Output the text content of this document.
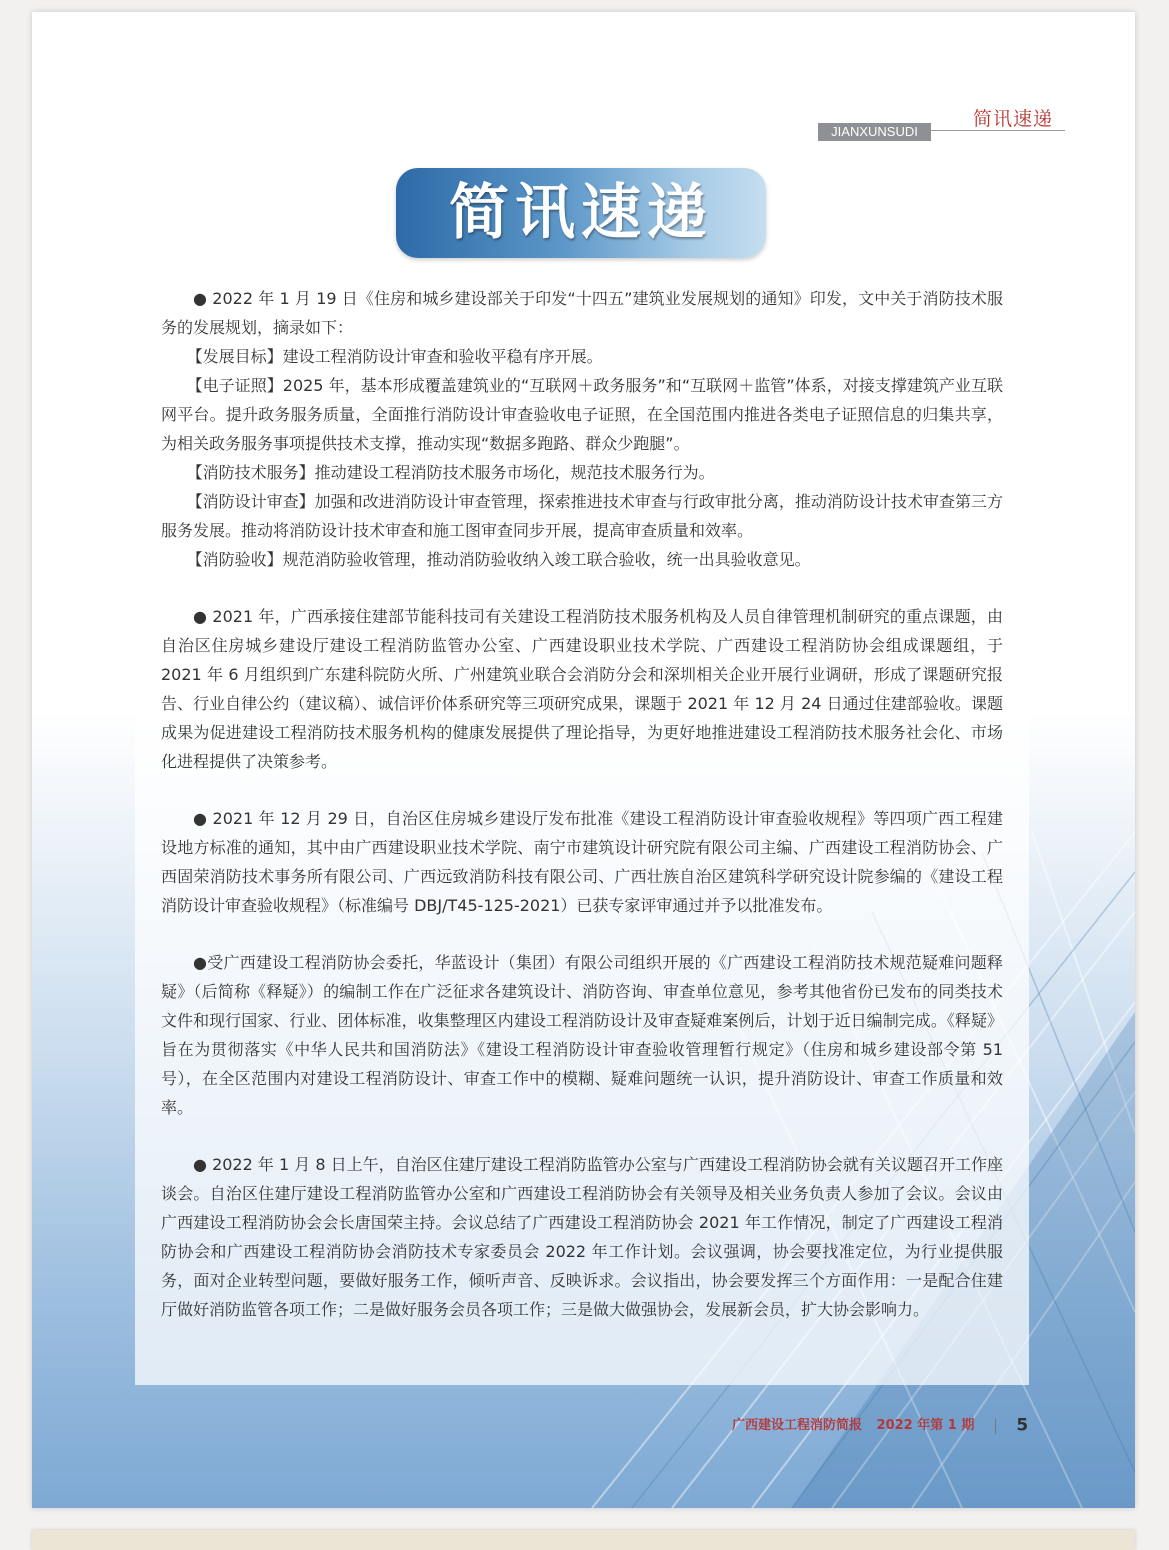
JIANXUNSUDI
简讯速递
简讯速递

● 2022 年 1 月 19 日《住房和城乡建设部关于印发“十四五”建筑业发展规划的通知》印发，文中关于消防技术服务的发展规划，摘录如下：

【发展目标】建设工程消防设计审查和验收平稳有序开展。

【电子证照】2025 年，基本形成覆盖建筑业的“互联网＋政务服务”和“互联网＋监管”体系，对接支撑建筑产业互联网平台。提升政务服务质量，全面推行消防设计审查验收电子证照，在全国范围内推进各类电子证照信息的归集共享，为相关政务服务事项提供技术支撑，推动实现“数据多跑路、群众少跑腿”。

【消防技术服务】推动建设工程消防技术服务市场化，规范技术服务行为。

【消防设计审查】加强和改进消防设计审查管理，探索推进技术审查与行政审批分离，推动消防设计技术审查第三方服务发展。推动将消防设计技术审查和施工图审查同步开展，提高审查质量和效率。

【消防验收】规范消防验收管理，推动消防验收纳入竣工联合验收，统一出具验收意见。

● 2021 年，广西承接住建部节能科技司有关建设工程消防技术服务机构及人员自律管理机制研究的重点课题，由自治区住房城乡建设厅建设工程消防监管办公室、广西建设职业技术学院、广西建设工程消防协会组成课题组，于 2021 年 6 月组织到广东建科院防火所、广州建筑业联合会消防分会和深圳相关企业开展行业调研，形成了课题研究报告、行业自律公约（建议稿）、诚信评价体系研究等三项研究成果，课题于 2021 年 12 月 24 日通过住建部验收。课题成果为促进建设工程消防技术服务机构的健康发展提供了理论指导，为更好地推进建设工程消防技术服务社会化、市场化进程提供了决策参考。

● 2021 年 12 月 29 日，自治区住房城乡建设厅发布批准《建设工程消防设计审查验收规程》等四项广西工程建设地方标准的通知，其中由广西建设职业技术学院、南宁市建筑设计研究院有限公司主编、广西建设工程消防协会、广西固荣消防技术事务所有限公司、广西远致消防科技有限公司、广西壮族自治区建筑科学研究设计院参编的《建设工程消防设计审查验收规程》（标准编号 DBJ/T45-125-2021）已获专家评审通过并予以批准发布。

●受广西建设工程消防协会委托，华蓝设计（集团）有限公司组织开展的《广西建设工程消防技术规范疑难问题释疑》（后简称《释疑》）的编制工作在广泛征求各建筑设计、消防咨询、审查单位意见，参考其他省份已发布的同类技术文件和现行国家、行业、团体标准，收集整理区内建设工程消防设计及审查疑难案例后，计划于近日编制完成。《释疑》旨在为贯彻落实《中华人民共和国消防法》《建设工程消防设计审查验收管理暂行规定》（住房和城乡建设部令第 51 号），在全区范围内对建设工程消防设计、审查工作中的模糊、疑难问题统一认识，提升消防设计、审查工作质量和效率。

● 2022 年 1 月 8 日上午，自治区住建厅建设工程消防监管办公室与广西建设工程消防协会就有关议题召开工作座谈会。自治区住建厅建设工程消防监管办公室和广西建设工程消防协会有关领导及相关业务负责人参加了会议。会议由广西建设工程消防协会会长唐国荣主持。会议总结了广西建设工程消防协会 2021 年工作情况，制定了广西建设工程消防协会和广西建设工程消防协会消防技术专家委员会 2022 年工作计划。会议强调，协会要找准定位，为行业提供服务，面对企业转型问题，要做好服务工作，倾听声音、反映诉求。会议指出，协会要发挥三个方面作用：一是配合住建厅做好消防监管各项工作；二是做好服务会员各项工作；三是做大做强协会，发展新会员，扩大协会影响力。

广西建设工程消防简报 2022 年第 1 期 5
